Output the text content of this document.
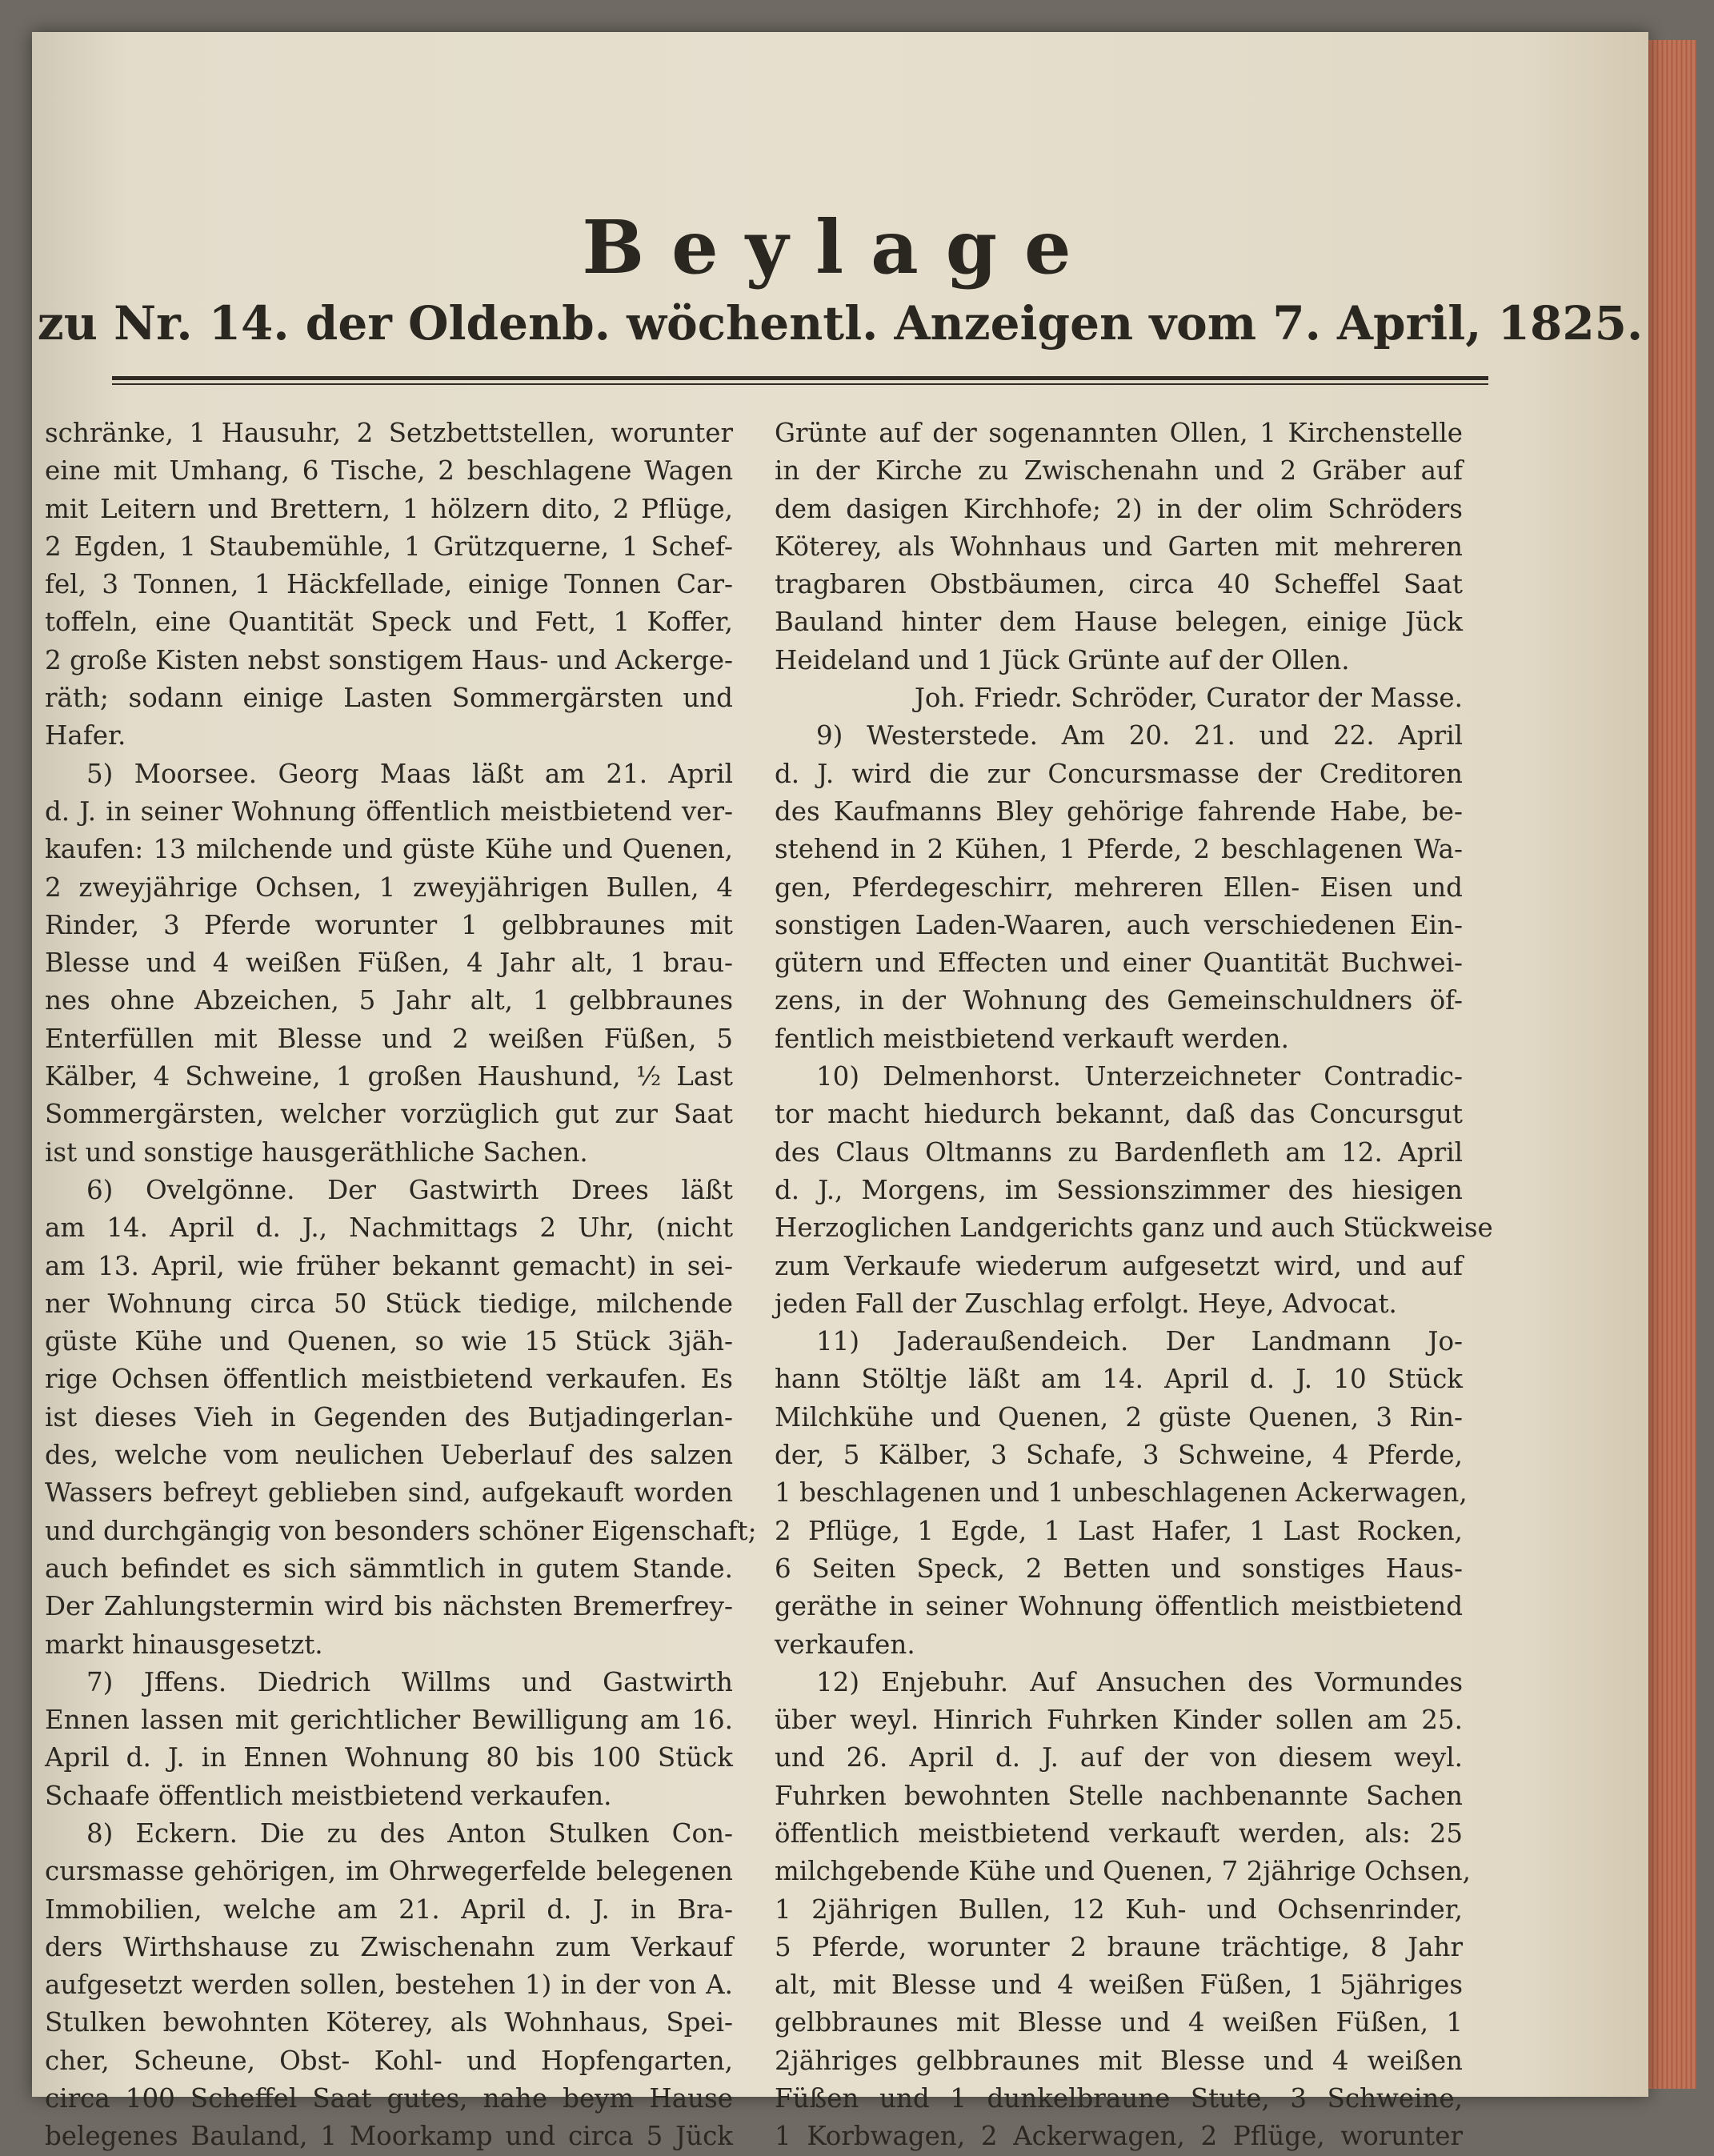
Beylage
zu Nr. 14. der Oldenb. wöchentl. Anzeigen vom 7. April, 1825.
schränke, 1 Hausuhr, 2 Setzbettstellen, worunter
eine mit Umhang, 6 Tische, 2 beschlagene Wagen
mit Leitern und Brettern, 1 hölzern dito, 2 Pflüge,
2 Egden, 1 Staubemühle, 1 Grützquerne, 1 Schef-
fel, 3 Tonnen, 1 Häckfellade, einige Tonnen Car-
toffeln, eine Quantität Speck und Fett, 1 Koffer,
2 große Kisten nebst sonstigem Haus- und Ackerge-
räth; sodann einige Lasten Sommergärsten und
Hafer.
5) Moorsee. Georg Maas läßt am 21. April
d. J. in seiner Wohnung öffentlich meistbietend ver-
kaufen: 13 milchende und güste Kühe und Quenen,
2 zweyjährige Ochsen, 1 zweyjährigen Bullen, 4
Rinder, 3 Pferde worunter 1 gelbbraunes mit
Blesse und 4 weißen Füßen, 4 Jahr alt, 1 brau-
nes ohne Abzeichen, 5 Jahr alt, 1 gelbbraunes
Enterfüllen mit Blesse und 2 weißen Füßen, 5
Kälber, 4 Schweine, 1 großen Haushund, ½ Last
Sommergärsten, welcher vorzüglich gut zur Saat
ist und sonstige hausgeräthliche Sachen.
6) Ovelgönne. Der Gastwirth Drees läßt
am 14. April d. J., Nachmittags 2 Uhr, (nicht
am 13. April, wie früher bekannt gemacht) in sei-
ner Wohnung circa 50 Stück tiedige, milchende
güste Kühe und Quenen, so wie 15 Stück 3jäh-
rige Ochsen öffentlich meistbietend verkaufen. Es
ist dieses Vieh in Gegenden des Butjadingerlan-
des, welche vom neulichen Ueberlauf des salzen
Wassers befreyt geblieben sind, aufgekauft worden
und durchgängig von besonders schöner Eigenschaft;
auch befindet es sich sämmtlich in gutem Stande.
Der Zahlungstermin wird bis nächsten Bremerfrey-
markt hinausgesetzt.
7) Jffens. Diedrich Willms und Gastwirth
Ennen lassen mit gerichtlicher Bewilligung am 16.
April d. J. in Ennen Wohnung 80 bis 100 Stück
Schaafe öffentlich meistbietend verkaufen.
8) Eckern. Die zu des Anton Stulken Con-
cursmasse gehörigen, im Ohrwegerfelde belegenen
Immobilien, welche am 21. April d. J. in Bra-
ders Wirthshause zu Zwischenahn zum Verkauf
aufgesetzt werden sollen, bestehen 1) in der von A.
Stulken bewohnten Köterey, als Wohnhaus, Spei-
cher, Scheune, Obst- Kohl- und Hopfengarten,
circa 100 Scheffel Saat gutes, nahe beym Hause
belegenes Bauland, 1 Moorkamp und circa 5 Jück
Grünte auf der sogenannten Ollen, 1 Kirchenstelle
in der Kirche zu Zwischenahn und 2 Gräber auf
dem dasigen Kirchhofe; 2) in der olim Schröders
Köterey, als Wohnhaus und Garten mit mehreren
tragbaren Obstbäumen, circa 40 Scheffel Saat
Bauland hinter dem Hause belegen, einige Jück
Heideland und 1 Jück Grünte auf der Ollen.
Joh. Friedr. Schröder, Curator der Masse.
9) Westerstede. Am 20. 21. und 22. April
d. J. wird die zur Concursmasse der Creditoren
des Kaufmanns Bley gehörige fahrende Habe, be-
stehend in 2 Kühen, 1 Pferde, 2 beschlagenen Wa-
gen, Pferdegeschirr, mehreren Ellen- Eisen und
sonstigen Laden-Waaren, auch verschiedenen Ein-
gütern und Effecten und einer Quantität Buchwei-
zens, in der Wohnung des Gemeinschuldners öf-
fentlich meistbietend verkauft werden.
10) Delmenhorst. Unterzeichneter Contradic-
tor macht hiedurch bekannt, daß das Concursgut
des Claus Oltmanns zu Bardenfleth am 12. April
d. J., Morgens, im Sessionszimmer des hiesigen
Herzoglichen Landgerichts ganz und auch Stückweise
zum Verkaufe wiederum aufgesetzt wird, und auf
jeden Fall der Zuschlag erfolgt. Heye, Advocat.
11) Jaderaußendeich. Der Landmann Jo-
hann Stöltje läßt am 14. April d. J. 10 Stück
Milchkühe und Quenen, 2 güste Quenen, 3 Rin-
der, 5 Kälber, 3 Schafe, 3 Schweine, 4 Pferde,
1 beschlagenen und 1 unbeschlagenen Ackerwagen,
2 Pflüge, 1 Egde, 1 Last Hafer, 1 Last Rocken,
6 Seiten Speck, 2 Betten und sonstiges Haus-
geräthe in seiner Wohnung öffentlich meistbietend
verkaufen.
12) Enjebuhr. Auf Ansuchen des Vormundes
über weyl. Hinrich Fuhrken Kinder sollen am 25.
und 26. April d. J. auf der von diesem weyl.
Fuhrken bewohnten Stelle nachbenannte Sachen
öffentlich meistbietend verkauft werden, als: 25
milchgebende Kühe und Quenen, 7 2jährige Ochsen,
1 2jährigen Bullen, 12 Kuh- und Ochsenrinder,
5 Pferde, worunter 2 braune trächtige, 8 Jahr
alt, mit Blesse und 4 weißen Füßen, 1 5jähriges
gelbbraunes mit Blesse und 4 weißen Füßen, 1
2jähriges gelbbraunes mit Blesse und 4 weißen
Füßen und 1 dunkelbraune Stute, 3 Schweine,
1 Korbwagen, 2 Ackerwagen, 2 Pflüge, worunter
